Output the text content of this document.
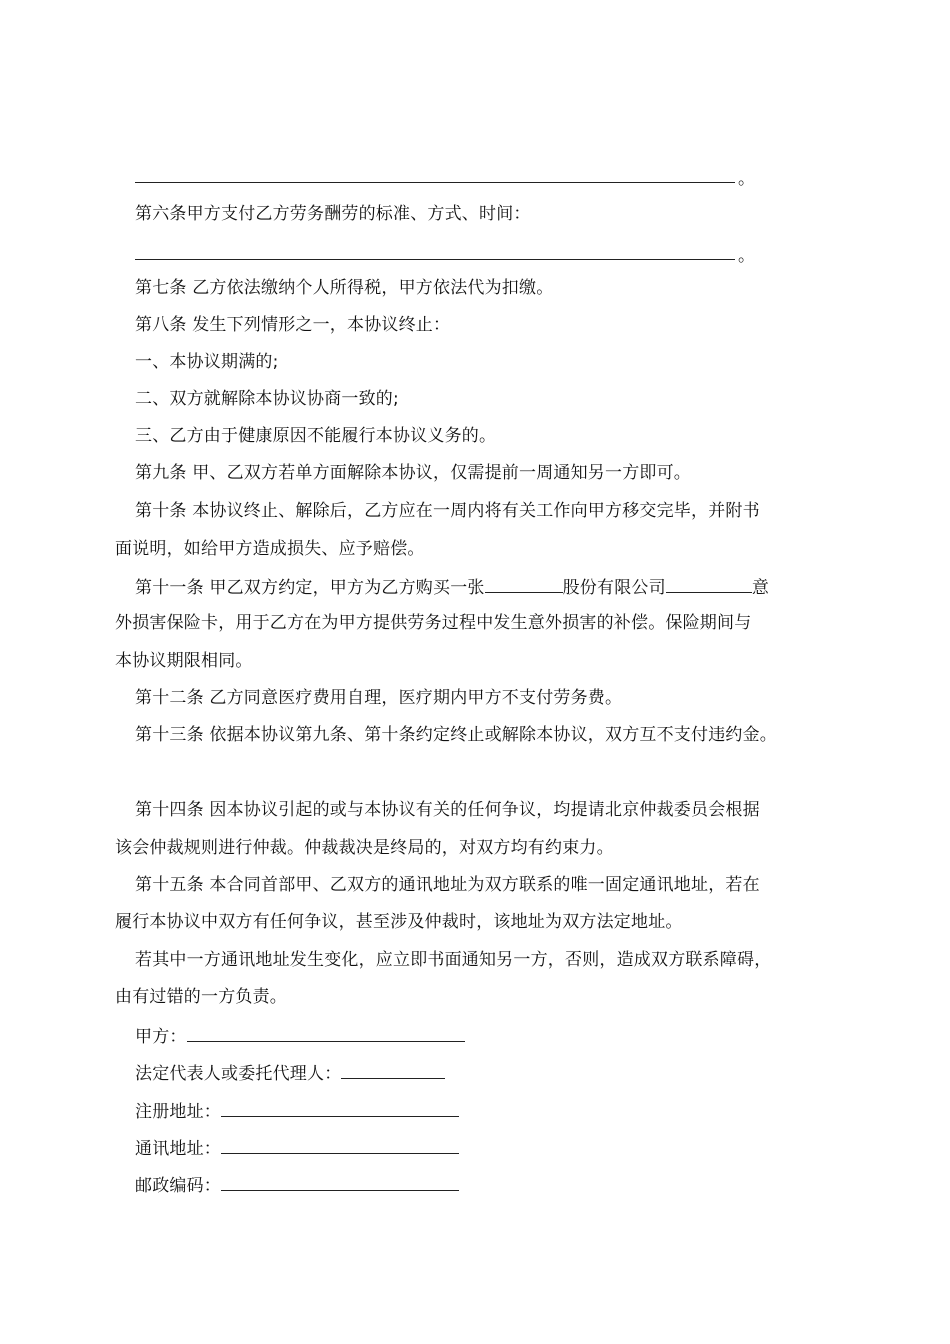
。
第六条甲方支付乙方劳务酬劳的标准、方式、时间：
。
第七条 乙方依法缴纳个人所得税，甲方依法代为扣缴。
第八条 发生下列情形之一，本协议终止：
一、本协议期满的;
二、双方就解除本协议协商一致的;
三、乙方由于健康原因不能履行本协议义务的。
第九条 甲、乙双方若单方面解除本协议，仅需提前一周通知另一方即可。
第十条 本协议终止、解除后，乙方应在一周内将有关工作向甲方移交完毕，并附书
面说明，如给甲方造成损失、应予赔偿。
第十一条 甲乙双方约定，甲方为乙方购买一张	股份有限公司	意
外损害保险卡，用于乙方在为甲方提供劳务过程中发生意外损害的补偿。保险期间与
本协议期限相同。
第十二条 乙方同意医疗费用自理，医疗期内甲方不支付劳务费。
第十三条 依据本协议第九条、第十条约定终止或解除本协议，双方互不支付违约金。
第十四条 因本协议引起的或与本协议有关的任何争议，均提请北京仲裁委员会根据
该会仲裁规则进行仲裁。仲裁裁决是终局的，对双方均有约束力。
第十五条 本合同首部甲、乙双方的通讯地址为双方联系的唯一固定通讯地址，若在
履行本协议中双方有任何争议，甚至涉及仲裁时，该地址为双方法定地址。
若其中一方通讯地址发生变化，应立即书面通知另一方，否则，造成双方联系障碍，
由有过错的一方负责。
甲方：
法定代表人或委托代理人：
注册地址：
通讯地址：
邮政编码：
